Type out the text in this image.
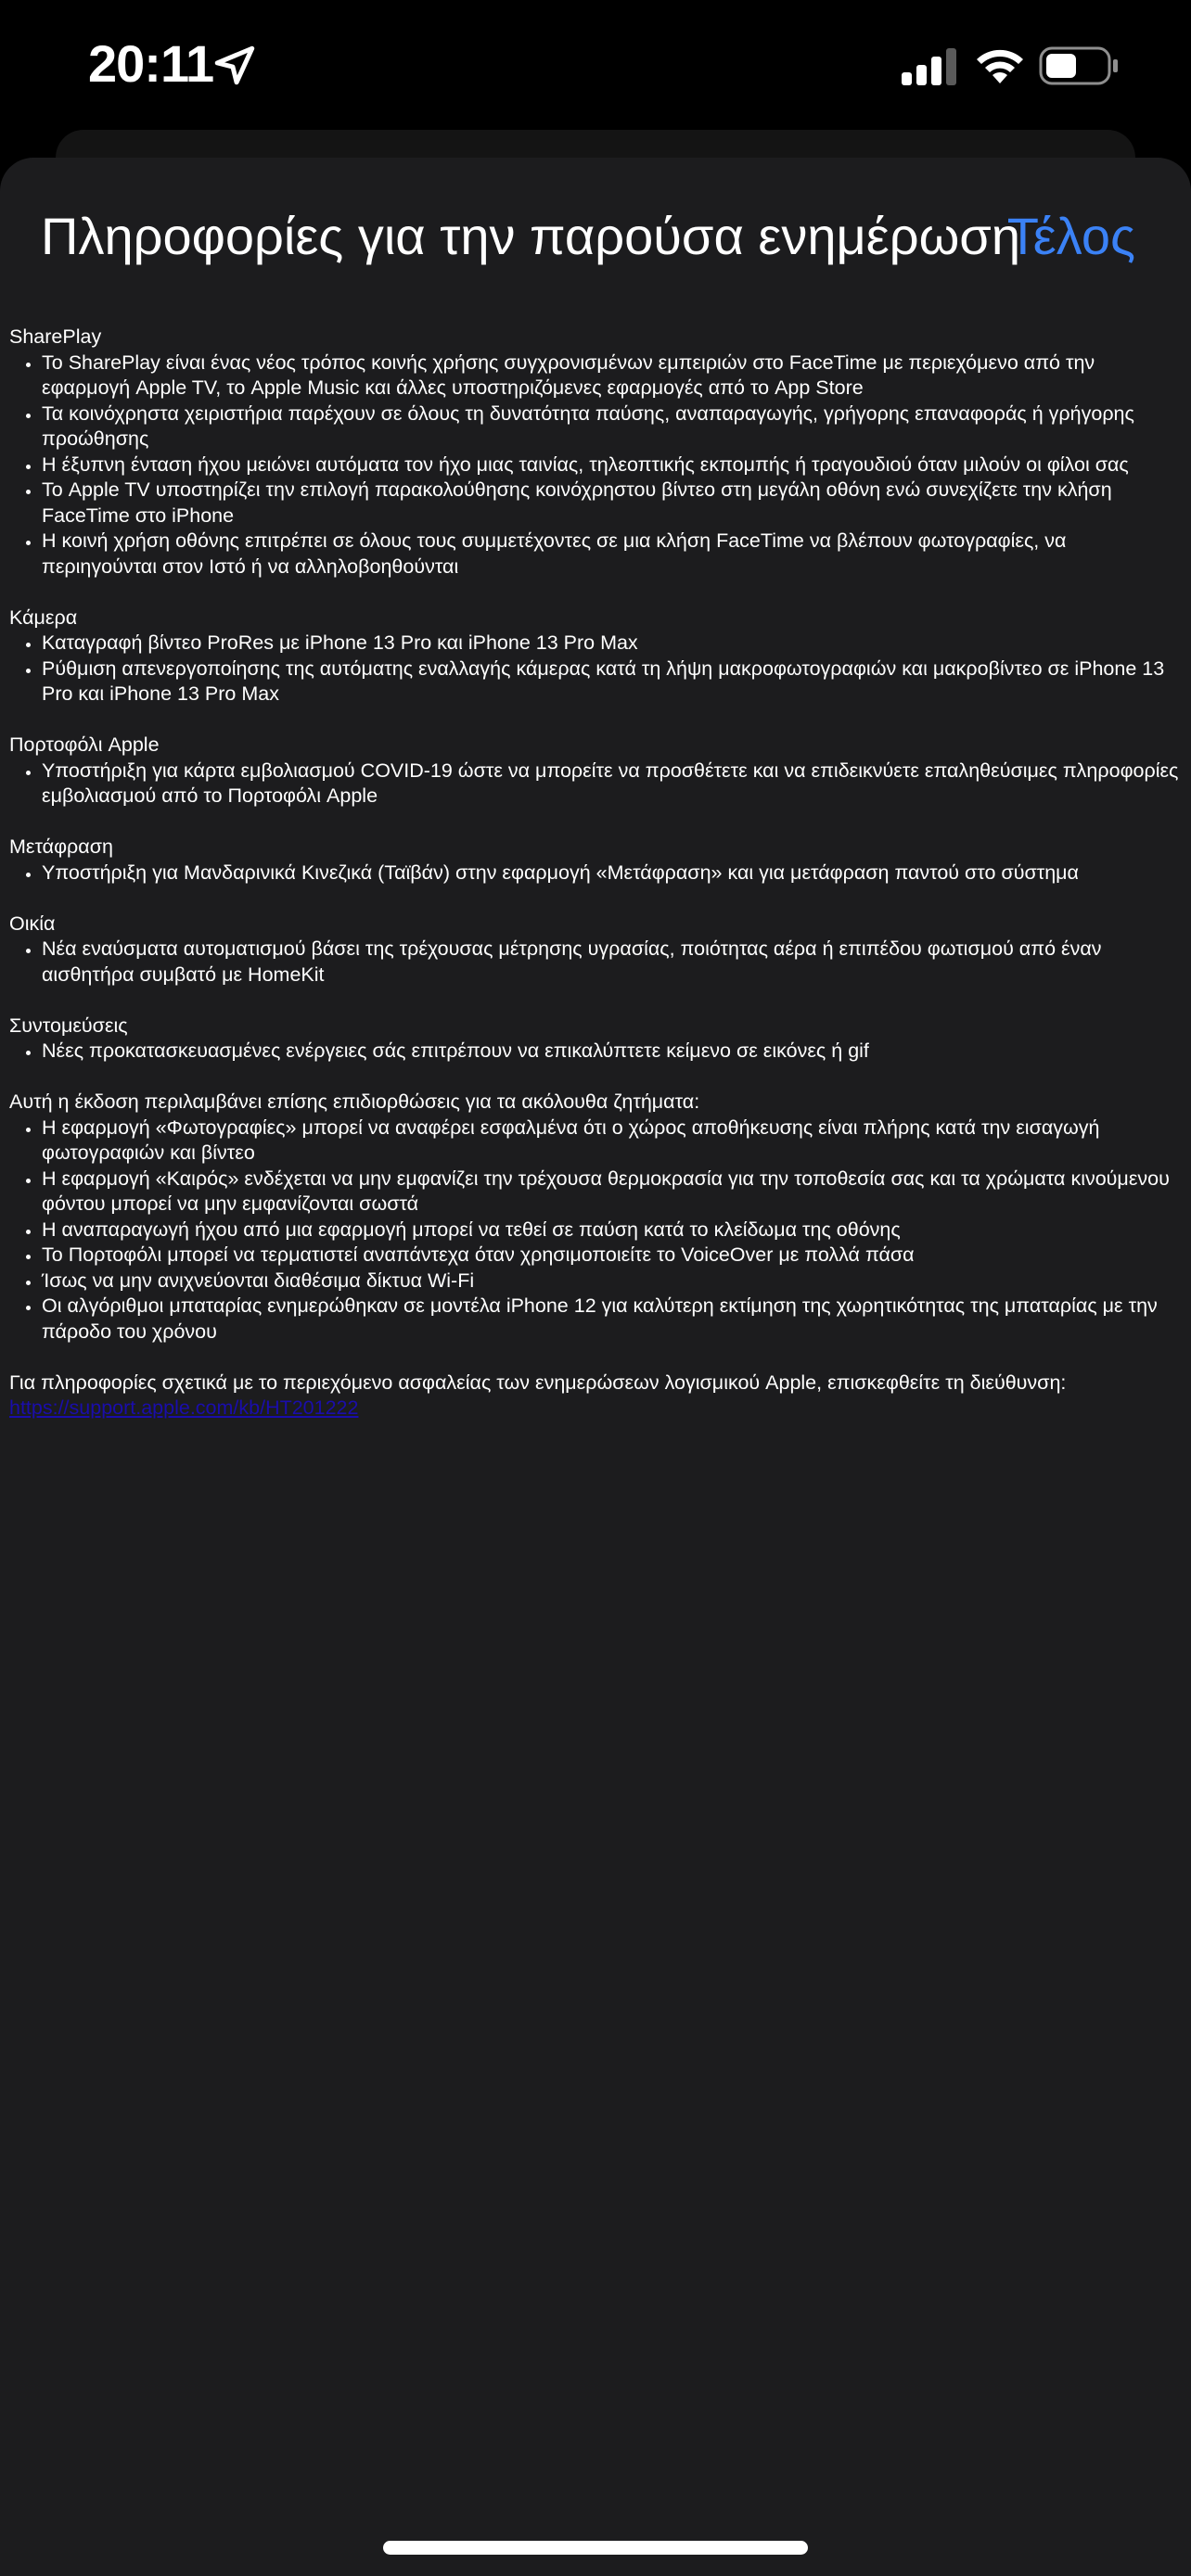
20:11
Πληροφορίες για την παρούσα ενημέρωση
Τέλος
SharePlay
• Το SharePlay είναι ένας νέος τρόπος κοινής χρήσης συγχρονισμένων εμπειριών στο FaceTime με περιεχόμενο από την εφαρμογή Apple TV, το Apple Music και άλλες υποστηριζόμενες εφαρμογές από το App Store
• Τα κοινόχρηστα χειριστήρια παρέχουν σε όλους τη δυνατότητα παύσης, αναπαραγωγής, γρήγορης επαναφοράς ή γρήγορης προώθησης
• Η έξυπνη ένταση ήχου μειώνει αυτόματα τον ήχο μιας ταινίας, τηλεοπτικής εκπομπής ή τραγουδιού όταν μιλούν οι φίλοι σας
• Το Apple TV υποστηρίζει την επιλογή παρακολούθησης κοινόχρηστου βίντεο στη μεγάλη οθόνη ενώ συνεχίζετε την κλήση FaceTime στο iPhone
• Η κοινή χρήση οθόνης επιτρέπει σε όλους τους συμμετέχοντες σε μια κλήση FaceTime να βλέπουν φωτογραφίες, να περιηγούνται στον Ιστό ή να αλληλοβοηθούνται
Κάμερα
• Καταγραφή βίντεο ProRes με iPhone 13 Pro και iPhone 13 Pro Max
• Ρύθμιση απενεργοποίησης της αυτόματης εναλλαγής κάμερας κατά τη λήψη μακροφωτογραφιών και μακροβίντεο σε iPhone 13 Pro και iPhone 13 Pro Max
Πορτοφόλι Apple
• Υποστήριξη για κάρτα εμβολιασμού COVID-19 ώστε να μπορείτε να προσθέτετε και να επιδεικνύετε επαληθεύσιμες πληροφορίες εμβολιασμού από το Πορτοφόλι Apple
Μετάφραση
• Υποστήριξη για Μανδαρινικά Κινεζικά (Ταϊβάν) στην εφαρμογή «Μετάφραση» και για μετάφραση παντού στο σύστημα
Οικία
• Νέα εναύσματα αυτοματισμού βάσει της τρέχουσας μέτρησης υγρασίας, ποιότητας αέρα ή επιπέδου φωτισμού από έναν αισθητήρα συμβατό με HomeKit
Συντομεύσεις
• Νέες προκατασκευασμένες ενέργειες σάς επιτρέπουν να επικαλύπτετε κείμενο σε εικόνες ή gif
Αυτή η έκδοση περιλαμβάνει επίσης επιδιορθώσεις για τα ακόλουθα ζητήματα:
• Η εφαρμογή «Φωτογραφίες» μπορεί να αναφέρει εσφαλμένα ότι ο χώρος αποθήκευσης είναι πλήρης κατά την εισαγωγή φωτογραφιών και βίντεο
• Η εφαρμογή «Καιρός» ενδέχεται να μην εμφανίζει την τρέχουσα θερμοκρασία για την τοποθεσία σας και τα χρώματα κινούμενου φόντου μπορεί να μην εμφανίζονται σωστά
• Η αναπαραγωγή ήχου από μια εφαρμογή μπορεί να τεθεί σε παύση κατά το κλείδωμα της οθόνης
• Το Πορτοφόλι μπορεί να τερματιστεί αναπάντεχα όταν χρησιμοποιείτε το VoiceOver με πολλά πάσα
• Ίσως να μην ανιχνεύονται διαθέσιμα δίκτυα Wi-Fi
• Οι αλγόριθμοι μπαταρίας ενημερώθηκαν σε μοντέλα iPhone 12 για καλύτερη εκτίμηση της χωρητικότητας της μπαταρίας με την πάροδο του χρόνου
Για πληροφορίες σχετικά με το περιεχόμενο ασφαλείας των ενημερώσεων λογισμικού Apple, επισκεφθείτε τη διεύθυνση:
https://support.apple.com/kb/HT201222
